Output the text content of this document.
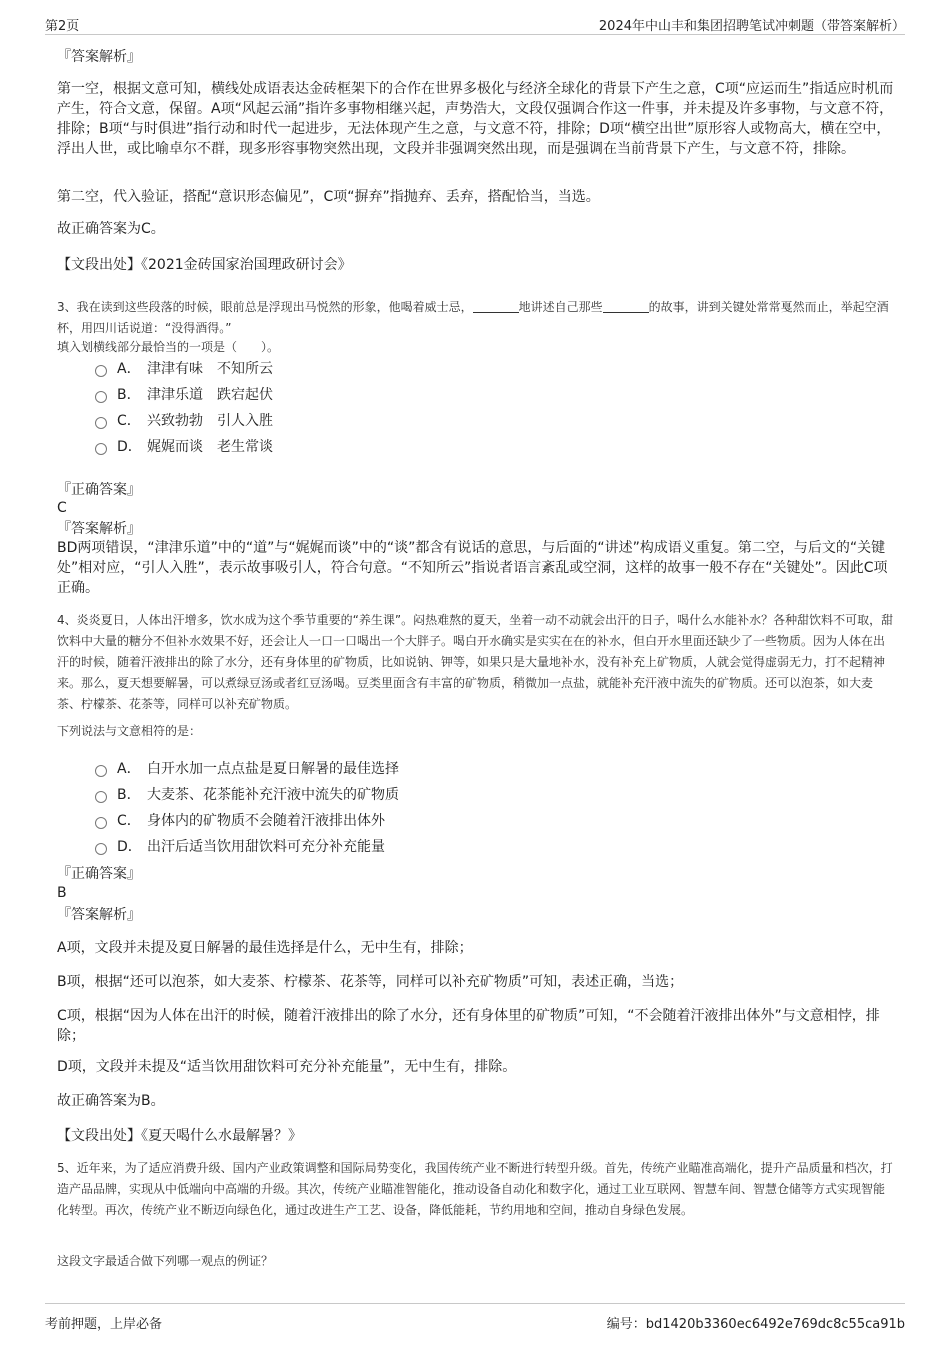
第2页	2024年中山丰和集团招聘笔试冲刺题（带答案解析）

『答案解析』

第一空，根据文意可知，横线处成语表达金砖框架下的合作在世界多极化与经济全球化的背景下产生之意，C项“应运而生”指适应时机而产生，符合文意，保留。A项“风起云涌”指许多事物相继兴起，声势浩大，文段仅强调合作这一件事，并未提及许多事物，与文意不符，排除；B项“与时俱进”指行动和时代一起进步，无法体现产生之意，与文意不符，排除；D项“横空出世”原形容人或物高大，横在空中，浮出人世，或比喻卓尔不群，现多形容事物突然出现，文段并非强调突然出现，而是强调在当前背景下产生，与文意不符，排除。

第二空，代入验证，搭配“意识形态偏见”，C项“摒弃”指抛弃、丢弃，搭配恰当，当选。

故正确答案为C。

【文段出处】《2021金砖国家治国理政研讨会》

3、我在读到这些段落的时候，眼前总是浮现出马悦然的形象，他喝着威士忌，	地讲述自己那些	的故事，讲到关键处常常戛然而止，举起空酒杯，用四川话说道：“没得酒得。”

填入划横线部分最恰当的一项是（　　）。

A． 津津有味 不知所云
B． 津津乐道 跌宕起伏
C． 兴致勃勃 引人入胜
D． 娓娓而谈 老生常谈

『正确答案』

C

『答案解析』

BD两项错误，“津津乐道”中的“道”与“娓娓而谈”中的“谈”都含有说话的意思，与后面的“讲述”构成语义重复。第二空，与后文的“关键处”相对应，“引人入胜”，表示故事吸引人，符合句意。“不知所云”指说者语言紊乱或空洞，这样的故事一般不存在“关键处”。因此C项正确。

4、炎炎夏日，人体出汗增多，饮水成为这个季节重要的“养生课”。闷热难熬的夏天，坐着一动不动就会出汗的日子，喝什么水能补水？各种甜饮料不可取，甜饮料中大量的糖分不但补水效果不好，还会让人一口一口喝出一个大胖子。喝白开水确实是实实在在的补水，但白开水里面还缺少了一些物质。因为人体在出汗的时候，随着汗液排出的除了水分，还有身体里的矿物质，比如说钠、钾等，如果只是大量地补水，没有补充上矿物质，人就会觉得虚弱无力，打不起精神来。那么，夏天想要解暑，可以煮绿豆汤或者红豆汤喝。豆类里面含有丰富的矿物质，稍微加一点盐，就能补充汗液中流失的矿物质。还可以泡茶，如大麦茶、柠檬茶、花茶等，同样可以补充矿物质。

下列说法与文意相符的是：

A． 白开水加一点点盐是夏日解暑的最佳选择
B． 大麦茶、花茶能补充汗液中流失的矿物质
C． 身体内的矿物质不会随着汗液排出体外
D． 出汗后适当饮用甜饮料可充分补充能量

『正确答案』

B

『答案解析』

A项，文段并未提及夏日解暑的最佳选择是什么，无中生有，排除；

B项，根据“还可以泡茶，如大麦茶、柠檬茶、花茶等，同样可以补充矿物质”可知，表述正确，当选；

C项，根据“因为人体在出汗的时候，随着汗液排出的除了水分，还有身体里的矿物质”可知，“不会随着汗液排出体外”与文意相悖，排除；

D项，文段并未提及“适当饮用甜饮料可充分补充能量”，无中生有，排除。

故正确答案为B。

【文段出处】《夏天喝什么水最解暑？》

5、近年来，为了适应消费升级、国内产业政策调整和国际局势变化，我国传统产业不断进行转型升级。首先，传统产业瞄准高端化，提升产品质量和档次，打造产品品牌，实现从中低端向中高端的升级。其次，传统产业瞄准智能化，推动设备自动化和数字化，通过工业互联网、智慧车间、智慧仓储等方式实现智能化转型。再次，传统产业不断迈向绿色化，通过改进生产工艺、设备，降低能耗，节约用地和空间，推动自身绿色发展。

这段文字最适合做下列哪一观点的例证？

考前押题，上岸必备	编号：bd1420b3360ec6492e769dc8c55ca91b
